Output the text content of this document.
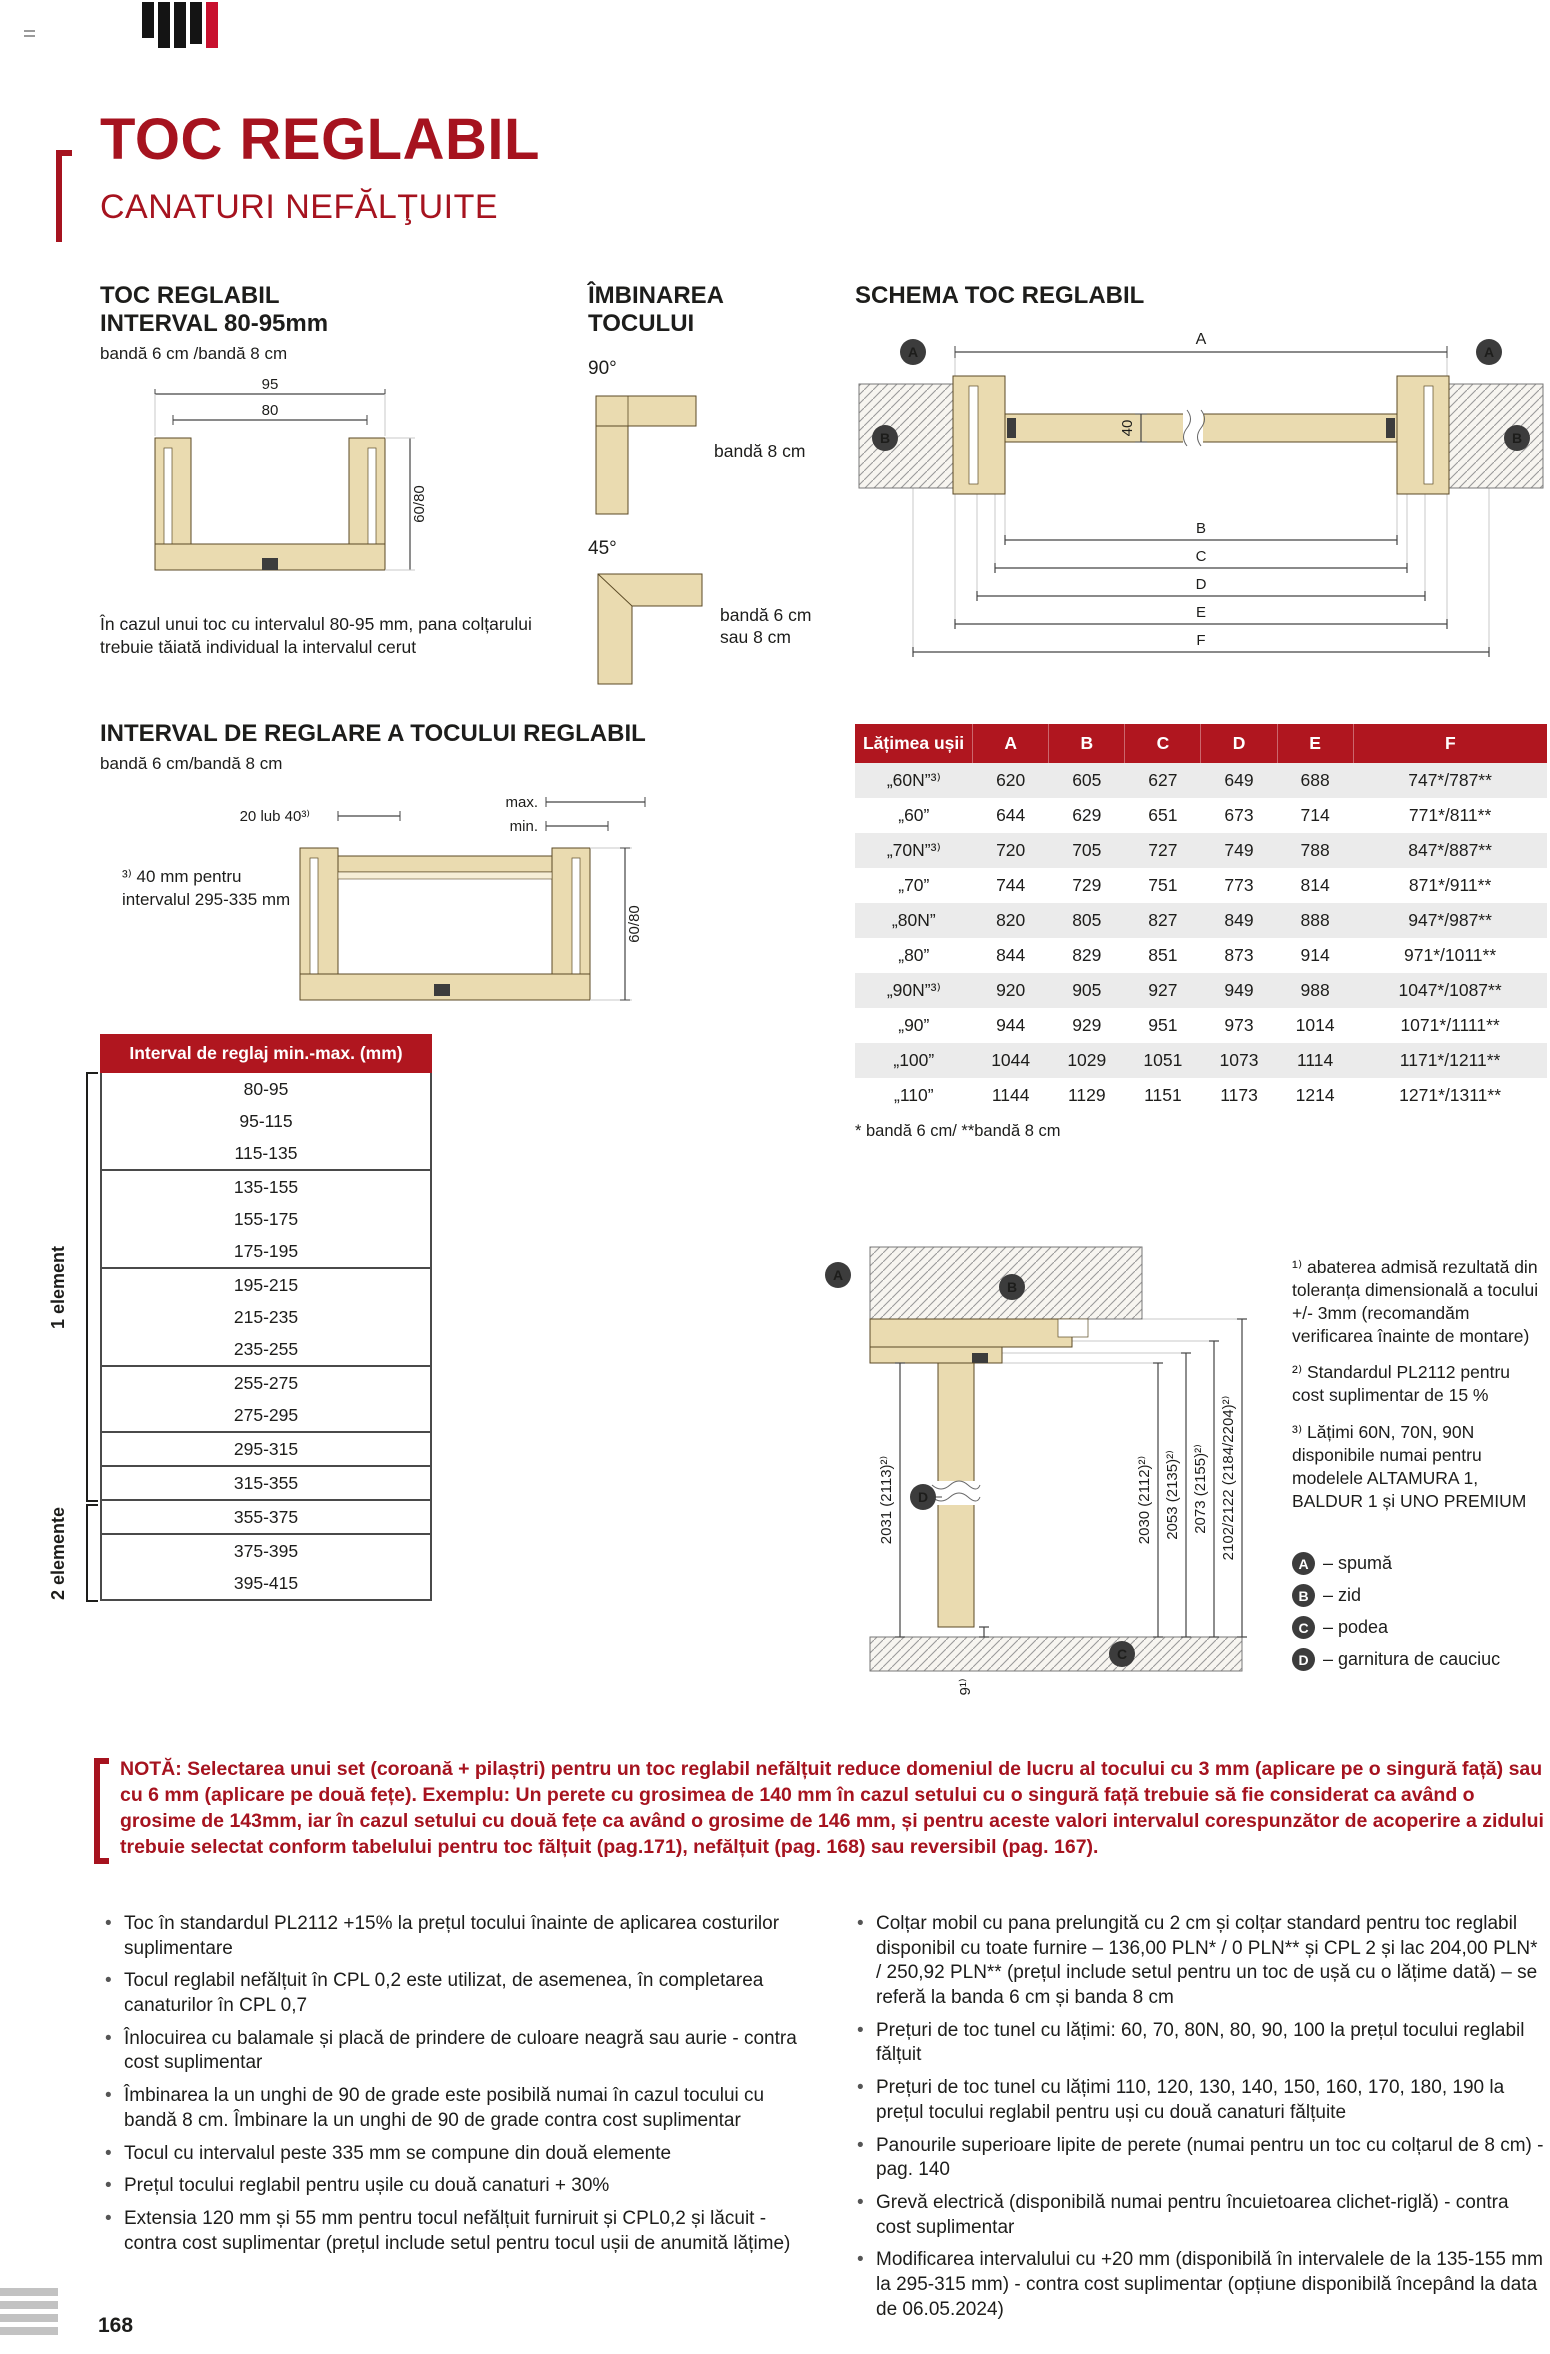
TOC REGLABIL
CANATURI NEFĂLŢUITE
TOC REGLABIL
INTERVAL 80-95mm
bandă 6 cm /bandă 8 cm
95
80
60/80

În cazul unui toc cu intervalul 80-95 mm, pana colțarului trebuie tăiată individual la intervalul cerut

ÎMBINAREA
TOCULUI
90°
bandă 8 cm
45°
bandă 6 cm sau 8 cm
SCHEMA TOC REGLABIL
A
A	A
40
B	B
B
C
D
E
F
Lățimea ușii	A	B	C	D	E	F
„60N”³⁾	620	605	627	649	688	747*/787**
„60”	644	629	651	673	714	771*/811**
„70N”³⁾	720	705	727	749	788	847*/887**
„70”	744	729	751	773	814	871*/911**
„80N”	820	805	827	849	888	947*/987**
„80”	844	829	851	873	914	971*/1011**
„90N”³⁾	920	905	927	949	988	1047*/1087**
„90”	944	929	951	973	1014	1071*/1111**
„100”	1044	1029	1051	1073	1114	1171*/1211**
„110”	1144	1129	1151	1173	1214	1271*/1311**
* bandă 6 cm/ **bandă 8 cm
INTERVAL DE REGLARE A TOCULUI REGLABIL
bandă 6 cm/bandă 8 cm
20 lub 40³⁾
max.
min.
60/80
³⁾ 40 mm pentru
intervalul 295-335 mm
Interval de reglaj min.-max. (mm)
80-95
95-115
115-135
135-155
155-175
175-195
195-215
215-235
235-255
255-275
275-295
295-315
315-355
355-375
375-395
395-415
1 element
2 elemente
2031 (2113)²⁾	2030 (2112)²⁾ 2053 (2135)²⁾ 2073 (2155)²⁾ 2102/2122 (2184/2204)²⁾
9¹⁾
A
B
D
C

¹⁾ abaterea admisă rezultată din toleranța dimensională a tocului +/- 3mm (recomandăm verificarea înainte de montare)

²⁾ Standardul PL2112 pentru cost suplimentar de 15 %

³⁾ Lățimi 60N, 70N, 90N disponibile numai pentru modelele ALTAMURA 1, BALDUR 1 și UNO PREMIUM

A – spumă
B – zid
C – podea
D – garnitura de cauciuc
NOTĂ: Selectarea unui set (coroană + pilaștri) pentru un toc reglabil nefălțuit reduce domeniul de lucru al tocului cu 3 mm (aplicare pe o singură față) sau cu 6 mm (aplicare pe două fețe). Exemplu: Un perete cu grosimea de 140 mm în cazul setului cu o singură față trebuie să fie considerat ca având o grosime de 143mm, iar în cazul setului cu două fețe ca având o grosime de 146 mm, și pentru aceste valori intervalul corespunzător de acoperire a zidului trebuie selectat conform tabelului pentru toc fălțuit (pag.171), nefălțuit (pag. 168) sau reversibil (pag. 167).
• Toc în standardul PL2112 +15% la prețul tocului înainte de aplicarea costurilor suplimentare
• Tocul reglabil nefălțuit în CPL 0,2 este utilizat, de asemenea, în completarea canaturilor în CPL 0,7
• Înlocuirea cu balamale și placă de prindere de culoare neagră sau aurie - contra cost suplimentar
• Îmbinarea la un unghi de 90 de grade este posibilă numai în cazul tocului cu bandă 8 cm. Îmbinare la un unghi de 90 de grade contra cost suplimentar
• Tocul cu intervalul peste 335 mm se compune din două elemente
• Prețul tocului reglabil pentru ușile cu două canaturi + 30%
• Extensia 120 mm și 55 mm pentru tocul nefălțuit furniruit și CPL0,2 și lăcuit - contra cost suplimentar (prețul include setul pentru tocul ușii de anumită lățime)
• Colțar mobil cu pana prelungită cu 2 cm și colțar standard pentru toc reglabil disponibil cu toate furnire – 136,00 PLN* / 0 PLN** și CPL 2 și lac 204,00 PLN* / 250,92 PLN** (prețul include setul pentru un toc de ușă cu o lățime dată) – se referă la banda 6 cm și banda 8 cm
• Prețuri de toc tunel cu lățimi: 60, 70, 80N, 80, 90, 100 la prețul tocului reglabil fălțuit
• Prețuri de toc tunel cu lățimi 110, 120, 130, 140, 150, 160, 170, 180, 190 la prețul tocului reglabil pentru uși cu două canaturi fălțuite
• Panourile superioare lipite de perete (numai pentru un toc cu colțarul de 8 cm) - pag. 140
• Grevă electrică (disponibilă numai pentru încuietoarea clichet-riglă) - contra cost suplimentar
• Modificarea intervalului cu +20 mm (disponibilă în intervalele de la 135-155 mm la 295-315 mm) - contra cost suplimentar (opțiune disponibilă începând la data de 06.05.2024)
168
